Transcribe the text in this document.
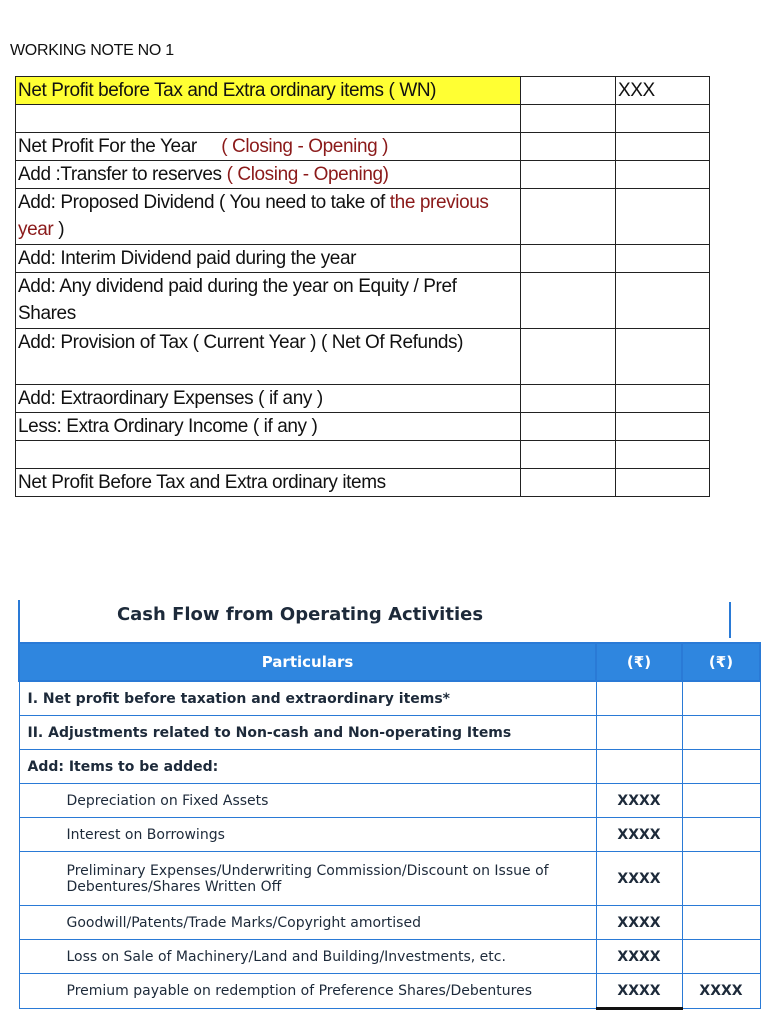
WORKING NOTE NO 1
Net Profit before Tax and Extra ordinary items ( WN)		XXX

Net Profit For the Year ( Closing - Opening )		
Add :Transfer to reserves ( Closing - Opening)		
Add: Proposed Dividend ( You need to take of the previous year )		
Add: Interim Dividend paid during the year		
Add: Any dividend paid during the year on Equity / Pref Shares		
Add: Provision of Tax ( Current Year ) ( Net Of Refunds)		
Add: Extraordinary Expenses ( if any )		
Less: Extra Ordinary Income ( if any )		

Net Profit Before Tax and Extra ordinary items		
Cash Flow from Operating Activities
Particulars	(₹)	(₹)
I. Net profit before taxation and extraordinary items*		
II. Adjustments related to Non-cash and Non-operating Items		
Add: Items to be added:		
Depreciation on Fixed Assets	XXXX	
Interest on Borrowings	XXXX	
Preliminary Expenses/Underwriting Commission/Discount on Issue of Debentures/Shares Written Off	XXXX	
Goodwill/Patents/Trade Marks/Copyright amortised	XXXX	
Loss on Sale of Machinery/Land and Building/Investments, etc.	XXXX	
Premium payable on redemption of Preference Shares/Debentures	XXXX	XXXX
